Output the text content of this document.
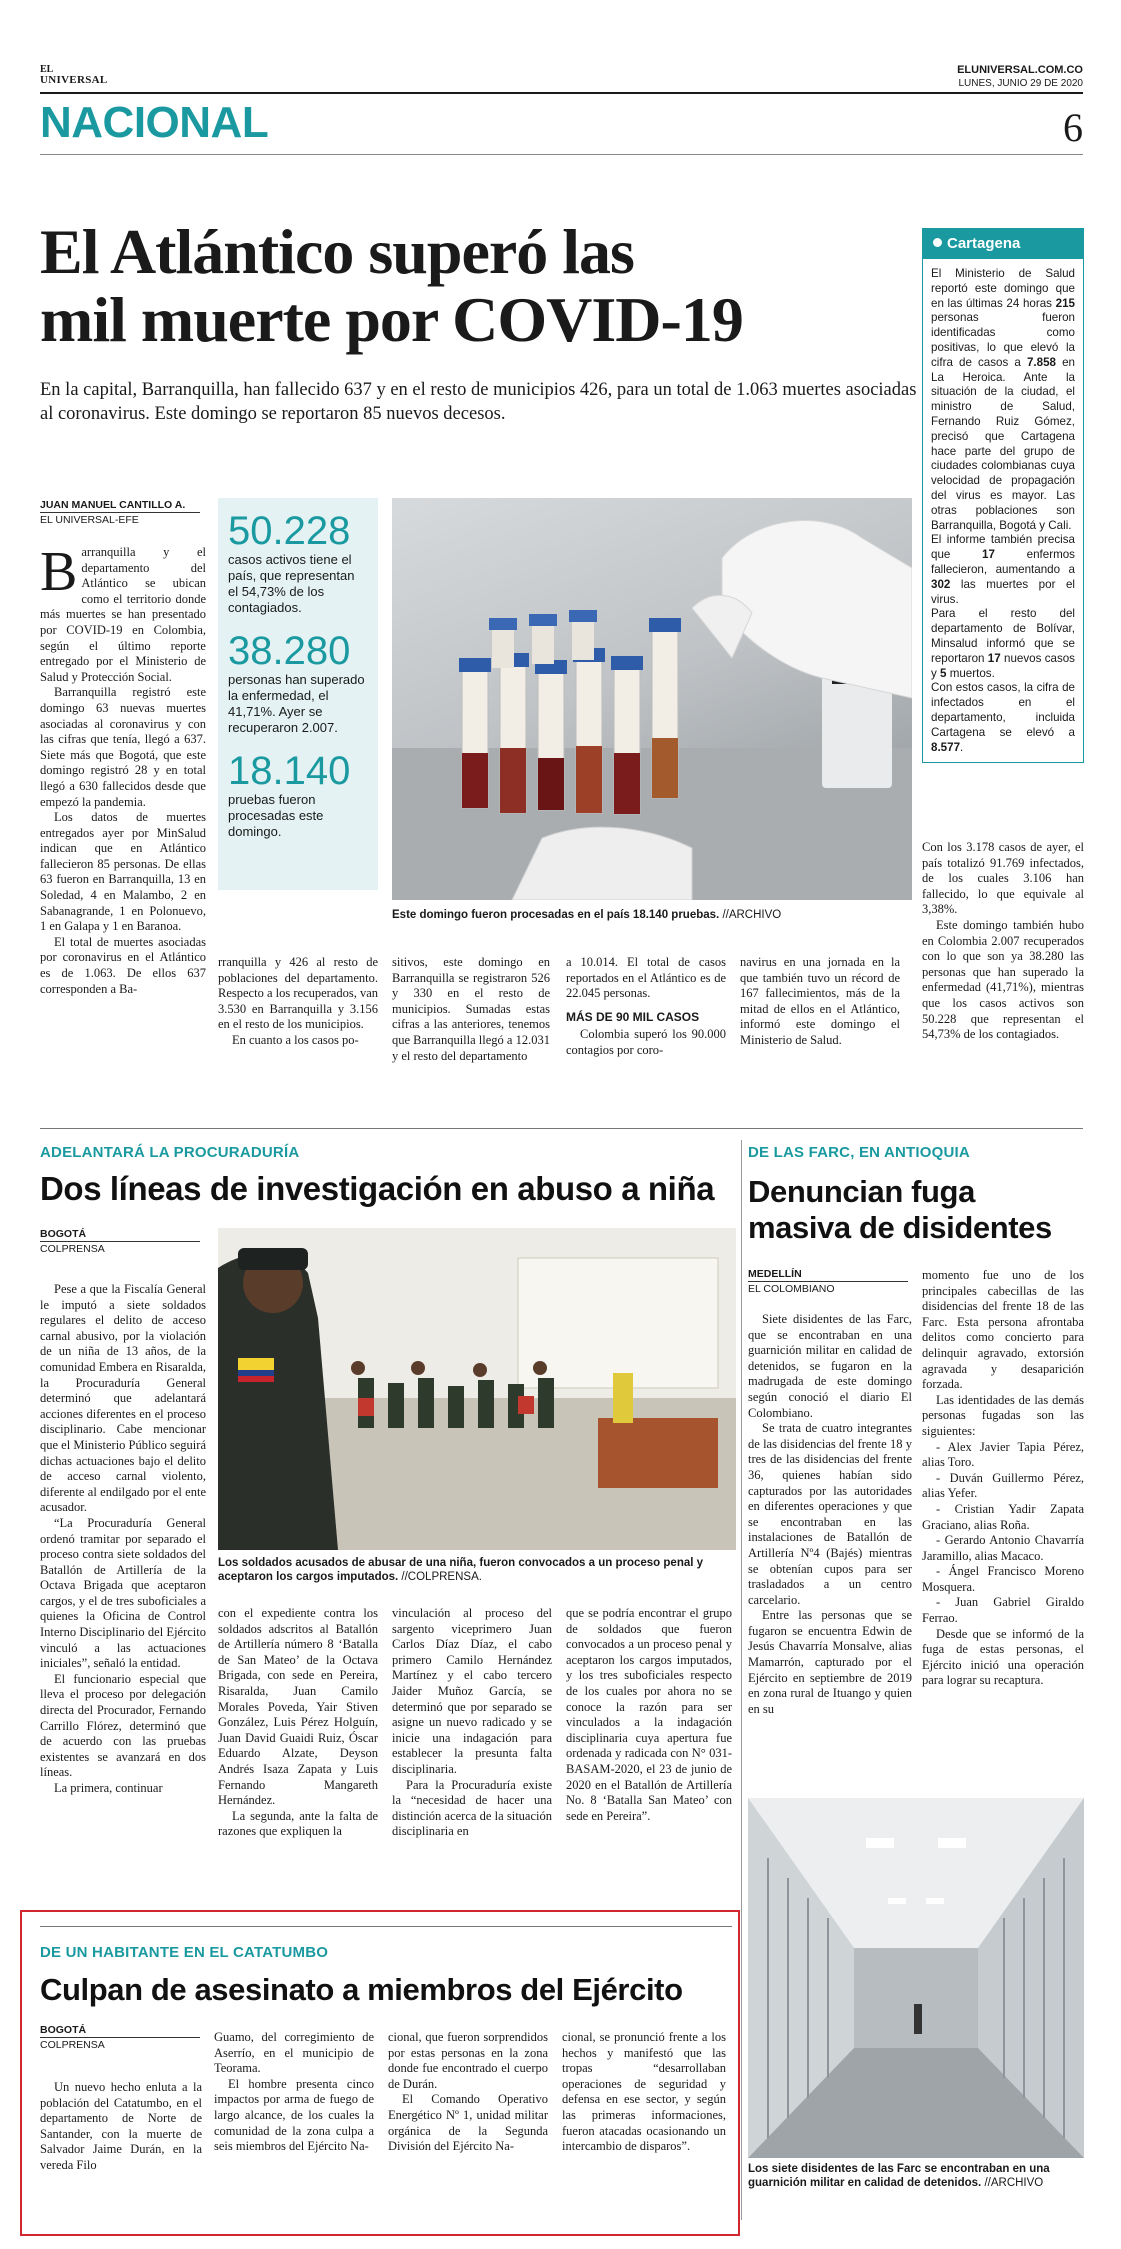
EL
UNIVERSAL
ELUNIVERSAL.COM.CO
LUNES, JUNIO 29 DE 2020
NACIONAL	6
El Atlántico superó las
mil muerte por COVID-19
En la capital, Barranquilla, han fallecido 637 y en el resto de municipios 426, para un total de 1.063 muertes asociadas al coronavirus. Este domingo se reportaron 85 nuevos decesos.
JUAN MANUEL CANTILLO A.
EL UNIVERSAL-EFE

Barranquilla y el departamento del Atlántico se ubican como el territorio donde más muertes se han presentado por COVID-19 en Colombia, según el último reporte entregado por el Ministerio de Salud y Protección Social.

Barranquilla registró este domingo 63 nuevas muertes asociadas al coronavirus y con las cifras que tenía, llegó a 637. Siete más que Bogotá, que este domingo registró 28 y en total llegó a 630 fallecidos desde que empezó la pandemia.

Los datos de muertes entregados ayer por MinSalud indican que en Atlántico fallecieron 85 personas. De ellas 63 fueron en Barranquilla, 13 en Soledad, 4 en Malambo, 2 en Sabanagrande, 1 en Polonuevo, 1 en Galapa y 1 en Baranoa.

El total de muertes asociadas por coronavirus en el Atlántico es de 1.063. De ellos 637 corresponden a Ba-

50.228
casos activos tiene el país, que representan el 54,73% de los contagiados.
38.280
personas han superado la enfermedad, el 41,71%. Ayer se recuperaron 2.007.
18.140
pruebas fueron procesadas este domingo.
Este domingo fueron procesadas en el país 18.140 pruebas. //ARCHIVO

rranquilla y 426 al resto de poblaciones del departamento. Respecto a los recuperados, van 3.530 en Barranquilla y 3.156 en el resto de los municipios.

En cuanto a los casos po-

sitivos, este domingo en Barranquilla se registraron 526 y 330 en el resto de municipios. Sumadas estas cifras a las anteriores, tenemos que Barranquilla llegó a 12.031 y el resto del departamento

a 10.014. El total de casos reportados en el Atlántico es de 22.045 personas.

MÁS DE 90 MIL CASOS

Colombia superó los 90.000 contagios por coro-

navirus en una jornada en la que también tuvo un récord de 167 fallecimientos, más de la mitad de ellos en el Atlántico, informó este domingo el Ministerio de Salud.

Cartagena

El Ministerio de Salud reportó este domingo que en las últimas 24 horas 215 personas fueron identificadas como positivas, lo que elevó la cifra de casos a 7.858 en La Heroica. Ante la situación de la ciudad, el ministro de Salud, Fernando Ruiz Gómez, precisó que Cartagena hace parte del grupo de ciudades colombianas cuya velocidad de propagación del virus es mayor. Las otras poblaciones son Barranquilla, Bogotá y Cali.

El informe también precisa que 17 enfermos fallecieron, aumentando a 302 las muertes por el virus.

Para el resto del departamento de Bolívar, Minsalud informó que se reportaron 17 nuevos casos y 5 muertos.

Con estos casos, la cifra de infectados en el departamento, incluida Cartagena se elevó a 8.577.

Con los 3.178 casos de ayer, el país totalizó 91.769 infectados, de los cuales 3.106 han fallecido, lo que equivale al 3,38%.

Este domingo también hubo en Colombia 2.007 recuperados con lo que son ya 38.280 las personas que han superado la enfermedad (41,71%), mientras que los casos activos son 50.228 que representan el 54,73% de los contagiados.

ADELANTARÁ LA PROCURADURÍA
Dos líneas de investigación en abuso a niña
BOGOTÁ
COLPRENSA

Pese a que la Fiscalía General le imputó a siete soldados regulares el delito de acceso carnal abusivo, por la violación de un niña de 13 años, de la comunidad Embera en Risaralda, la Procuraduría General determinó que adelantará acciones diferentes en el proceso disciplinario. Cabe mencionar que el Ministerio Público seguirá dichas actuaciones bajo el delito de acceso carnal violento, diferente al endilgado por el ente acusador.

“La Procuraduría General ordenó tramitar por separado el proceso contra siete soldados del Batallón de Artillería de la Octava Brigada que aceptaron cargos, y el de tres suboficiales a quienes la Oficina de Control Interno Disciplinario del Ejército vinculó a las actuaciones iniciales”, señaló la entidad.

El funcionario especial que lleva el proceso por delegación directa del Procurador, Fernando Carrillo Flórez, determinó que de acuerdo con las pruebas existentes se avanzará en dos líneas.

La primera, continuar

Los soldados acusados de abusar de una niña, fueron convocados a un proceso penal y aceptaron los cargos imputados. //COLPRENSA.

con el expediente contra los soldados adscritos al Batallón de Artillería número 8 ‘Batalla de San Mateo’ de la Octava Brigada, con sede en Pereira, Risaralda, Juan Camilo Morales Poveda, Yair Stiven González, Luis Pérez Holguín, Juan David Guaidi Ruiz, Óscar Eduardo Alzate, Deyson Andrés Isaza Zapata y Luis Fernando Mangareth Hernández.

La segunda, ante la falta de razones que expliquen la

vinculación al proceso del sargento viceprimero Juan Carlos Díaz Díaz, el cabo primero Camilo Hernández Martínez y el cabo tercero Jaider Muñoz García, se determinó que por separado se asigne un nuevo radicado y se inicie una indagación para establecer la presunta falta disciplinaria.

Para la Procuraduría existe la “necesidad de hacer una distinción acerca de la situación disciplinaria en

que se podría encontrar el grupo de soldados que fueron convocados a un proceso penal y aceptaron los cargos imputados, y los tres suboficiales respecto de los cuales por ahora no se conoce la razón para ser vinculados a la indagación disciplinaria cuya apertura fue ordenada y radicada con N° 031-BASAM-2020, el 23 de junio de 2020 en el Batallón de Artillería No. 8 ‘Batalla San Mateo’ con sede en Pereira”.

DE LAS FARC, EN ANTIOQUIA
Denuncian fuga
masiva de disidentes
MEDELLÍN
EL COLOMBIANO

Siete disidentes de las Farc, que se encontraban en una guarnición militar en calidad de detenidos, se fugaron en la madrugada de este domingo según conoció el diario El Colombiano.

Se trata de cuatro integrantes de las disidencias del frente 18 y tres de las disidencias del frente 36, quienes habían sido capturados por las autoridades en diferentes operaciones y que se encontraban en las instalaciones de Batallón de Artillería Nº4 (Bajés) mientras se obtenían cupos para ser trasladados a un centro carcelario.

Entre las personas que se fugaron se encuentra Edwin de Jesús Chavarría Monsalve, alias Mamarrón, capturado por el Ejército en septiembre de 2019 en zona rural de Ituango y quien en su

momento fue uno de los principales cabecillas de las disidencias del frente 18 de las Farc. Esta persona afrontaba delitos como concierto para delinquir agravado, extorsión agravada y desaparición forzada.

Las identidades de las demás personas fugadas son las siguientes:

- Alex Javier Tapia Pérez, alias Toro.

- Duván Guillermo Pérez, alias Yefer.

- Cristian Yadir Zapata Graciano, alias Roña.

- Gerardo Antonio Chavarría Jaramillo, alias Macaco.

- Ángel Francisco Moreno Mosquera.

- Juan Gabriel Giraldo Ferrao.

Desde que se informó de la fuga de estas personas, el Ejército inició una operación para lograr su recaptura.

Los siete disidentes de las Farc se encontraban en una guarnición militar en calidad de detenidos. //ARCHIVO
DE UN HABITANTE EN EL CATATUMBO
Culpan de asesinato a miembros del Ejército
BOGOTÁ
COLPRENSA

Un nuevo hecho enluta a la población del Catatumbo, en el departamento de Norte de Santander, con la muerte de Salvador Jaime Durán, en la vereda Filo

Guamo, del corregimiento de Aserrío, en el municipio de Teorama.

El hombre presenta cinco impactos por arma de fuego de largo alcance, de los cuales la comunidad de la zona culpa a seis miembros del Ejército Na-

cional, que fueron sorprendidos por estas personas en la zona donde fue encontrado el cuerpo de Durán.

El Comando Operativo Energético Nº 1, unidad militar orgánica de la Segunda División del Ejército Na-

cional, se pronunció frente a los hechos y manifestó que las tropas “desarrollaban operaciones de seguridad y defensa en ese sector, y según las primeras informaciones, fueron atacadas ocasionando un intercambio de disparos”.
